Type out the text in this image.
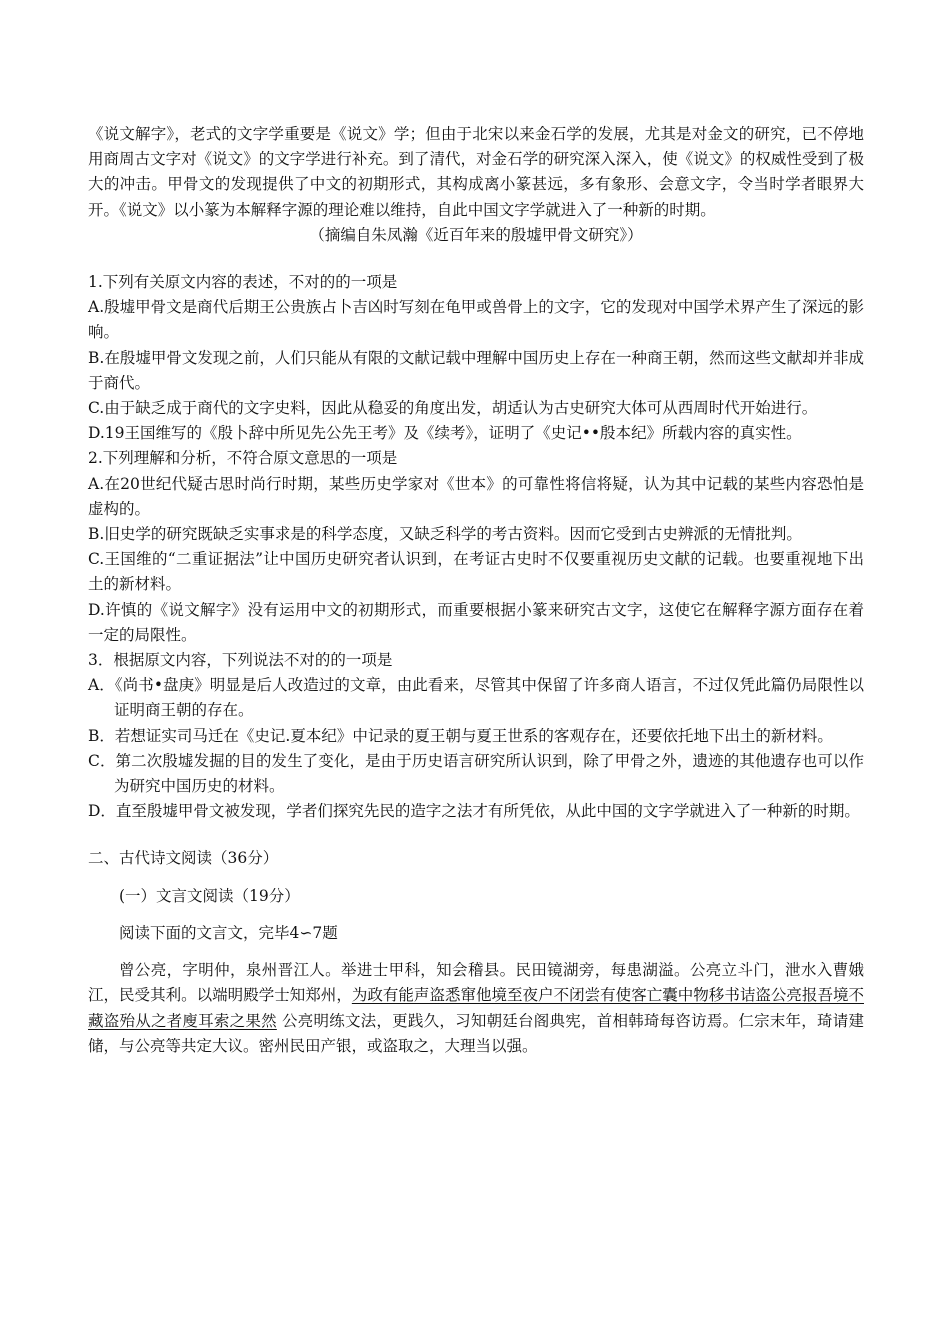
《说文解字》，老式的文字学重要是《说文》学；但由于北宋以来金石学的发展，尤其是对金文的研究，已不停地用商周古文字对《说文》的文字学进行补充。到了清代，对金石学的研究深入深入，使《说文》的权威性受到了极大的冲击。甲骨文的发现提供了中文的初期形式，其构成离小篆甚远，多有象形、会意文字，令当时学者眼界大开。《说文》以小篆为本解释字源的理论难以维持，自此中国文字学就进入了一种新的时期。

（摘编自朱凤瀚《近百年来的殷墟甲骨文研究》）

1.下列有关原文内容的表述，不对的的一项是

A.殷墟甲骨文是商代后期王公贵族占卜吉凶时写刻在龟甲或兽骨上的文字，它的发现对中国学术界产生了深远的影响。

B.在殷墟甲骨文发现之前，人们只能从有限的文献记载中理解中国历史上存在一种商王朝，然而这些文献却并非成于商代。

C.由于缺乏成于商代的文字史料，因此从稳妥的角度出发，胡适认为古史研究大体可从西周时代开始进行。

D.19王国维写的《殷卜辞中所见先公先王考》及《续考》，证明了《史记••殷本纪》所载内容的真实性。

2.下列理解和分析，不符合原文意思的一项是

A.在20世纪代疑古思时尚行时期，某些历史学家对《世本》的可靠性将信将疑，认为其中记载的某些内容恐怕是虚构的。

B.旧史学的研究既缺乏实事求是的科学态度，又缺乏科学的考古资料。因而它受到古史辨派的无情批判。

C.王国维的“二重证据法”让中国历史研究者认识到，在考证古史时不仅要重视历史文献的记载。也要重视地下出土的新材料。

D.许慎的《说文解字》没有运用中文的初期形式，而重要根据小篆来研究古文字，这使它在解释字源方面存在着一定的局限性。

3．根据原文内容，下列说法不对的的一项是

A．《尚书•盘庚》明显是后人改造过的文章，由此看来，尽管其中保留了许多商人语言，不过仅凭此篇仍局限性以证明商王朝的存在。

B．若想证实司马迁在《史记.夏本纪》中记录的夏王朝与夏王世系的客观存在，还要依托地下出土的新材料。

C．第二次殷墟发掘的目的发生了变化，是由于历史语言研究所认识到，除了甲骨之外，遗迹的其他遗存也可以作为研究中国历史的材料。

D．直至殷墟甲骨文被发现，学者们探究先民的造字之法才有所凭依，从此中国的文字学就进入了一种新的时期。

二、古代诗文阅读（36分）

(一）文言文阅读（19分）

阅读下面的文言文，完毕4∽7题

曾公亮，字明仲，泉州晋江人。举进士甲科，知会稽县。民田镜湖旁，每患湖溢。公亮立斗门，泄水入曹娥江，民受其利。以端明殿学士知郑州，为政有能声盗悉窜他境至夜户不闭尝有使客亡囊中物移书诘盗公亮报吾境不藏盗殆从之者廋耳索之果然 公亮明练文法，更践久，习知朝廷台阁典宪，首相韩琦每咨访焉。仁宗末年，琦请建储，与公亮等共定大议。密州民田产银，或盗取之，大理当以强。
